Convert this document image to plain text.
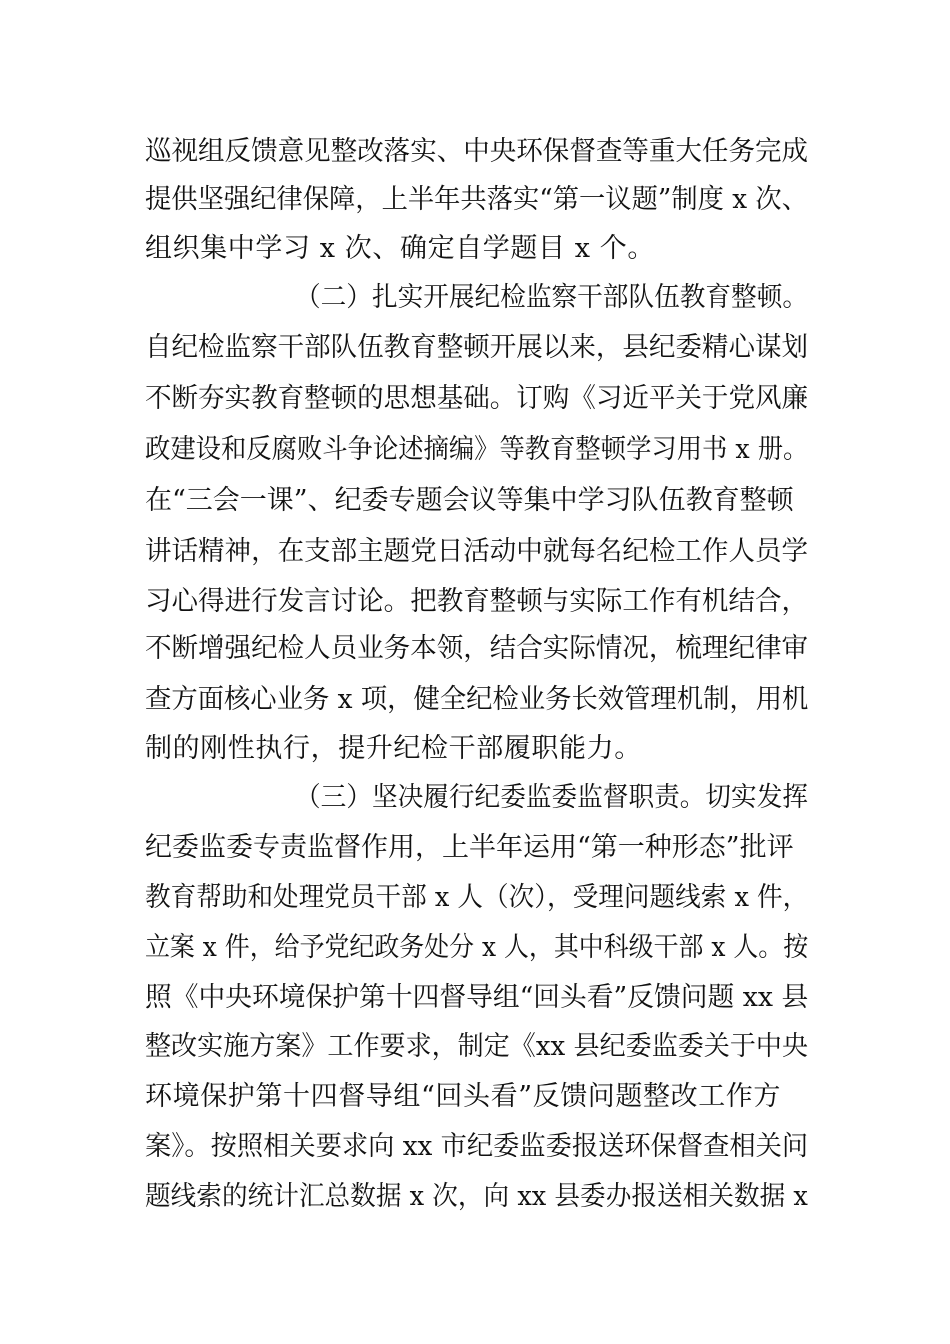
巡视组反馈意见整改落实、中央环保督查等重大任务完成
提供坚强纪律保障，上半年共落实“第一议题”制度 x 次、
组织集中学习 x 次、确定自学题目 x 个。
（二）扎实开展纪检监察干部队伍教育整顿。
自纪检监察干部队伍教育整顿开展以来，县纪委精心谋划
不断夯实教育整顿的思想基础。订购《习近平关于党风廉
政建设和反腐败斗争论述摘编》等教育整顿学习用书 x 册。
在“三会一课”、纪委专题会议等集中学习队伍教育整顿
讲话精神，在支部主题党日活动中就每名纪检工作人员学
习心得进行发言讨论。把教育整顿与实际工作有机结合，
不断增强纪检人员业务本领，结合实际情况，梳理纪律审
查方面核心业务 x 项，健全纪检业务长效管理机制，用机
制的刚性执行，提升纪检干部履职能力。
（三）坚决履行纪委监委监督职责。切实发挥
纪委监委专责监督作用，上半年运用“第一种形态”批评
教育帮助和处理党员干部 x 人（次），受理问题线索 x 件，
立案 x 件，给予党纪政务处分 x 人，其中科级干部 x 人。按
照《中央环境保护第十四督导组“回头看”反馈问题 xx 县
整改实施方案》工作要求，制定《xx 县纪委监委关于中央
环境保护第十四督导组“回头看”反馈问题整改工作方
案》。按照相关要求向 xx 市纪委监委报送环保督查相关问
题线索的统计汇总数据 x 次，向 xx 县委办报送相关数据 x
